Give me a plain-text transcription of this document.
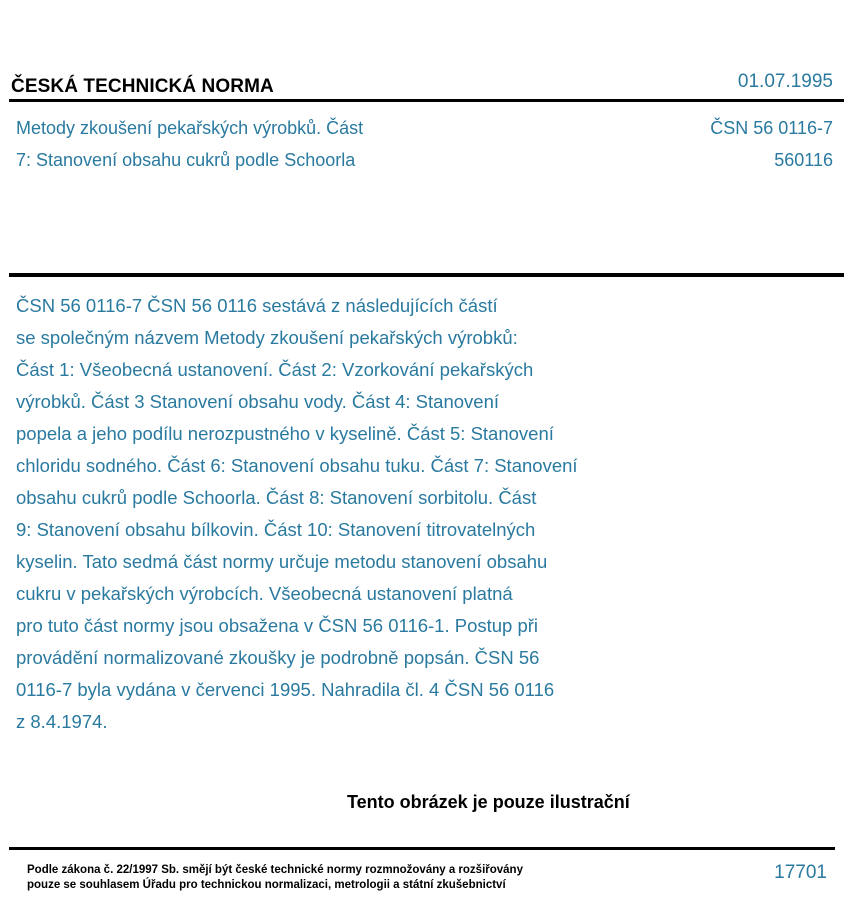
ČESKÁ TECHNICKÁ NORMA	01.07.1995
Metody zkoušení pekařských výrobků. Část
7: Stanovení obsahu cukrů podle Schoorla
ČSN 56 0116-7
560116
ČSN 56 0116-7 ČSN 56 0116 sestává z následujících částí
se společným názvem Metody zkoušení pekařských výrobků:
Část 1: Všeobecná ustanovení. Část 2: Vzorkování pekařských
výrobků. Část 3 Stanovení obsahu vody. Část 4: Stanovení
popela a jeho podílu nerozpustného v kyselině. Část 5: Stanovení
chloridu sodného. Část 6: Stanovení obsahu tuku. Část 7: Stanovení
obsahu cukrů podle Schoorla. Část 8: Stanovení sorbitolu. Část
9: Stanovení obsahu bílkovin. Část 10: Stanovení titrovatelných
kyselin. Tato sedmá část normy určuje metodu stanovení obsahu
cukru v pekařských výrobcích. Všeobecná ustanovení platná
pro tuto část normy jsou obsažena v ČSN 56 0116-1. Postup při
provádění normalizované zkoušky je podrobně popsán. ČSN 56
0116-7 byla vydána v červenci 1995. Nahradila čl. 4 ČSN 56 0116
z 8.4.1974.
Tento obrázek je pouze ilustrační
Podle zákona č. 22/1997 Sb. smějí být české technické normy rozmnožovány a rozšiřovány
pouze se souhlasem Úřadu pro technickou normalizaci, metrologii a státní zkušebnictví
17701
